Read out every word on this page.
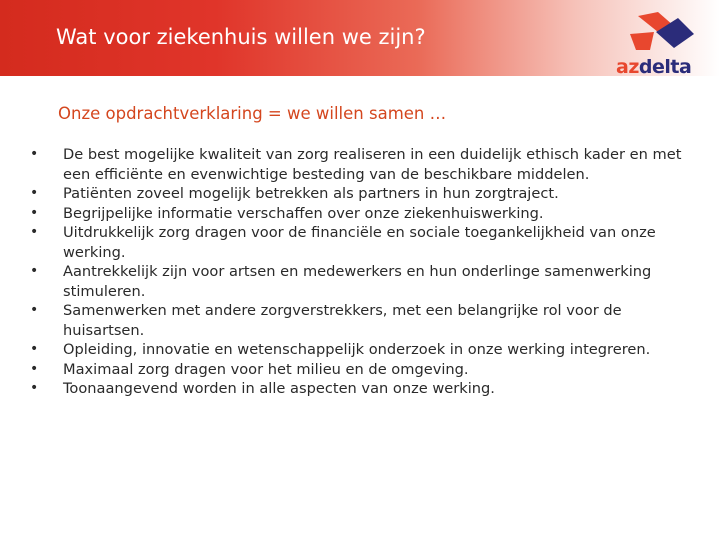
Wat voor ziekenhuis willen we zijn?
azdelta
Onze opdrachtverklaring = we willen samen …
•	De best mogelijke kwaliteit van zorg realiseren in een duidelijk ethisch kader en met een efficiënte en evenwichtige besteding van de beschikbare middelen.
•	Patiënten zoveel mogelijk betrekken als partners in hun zorgtraject.
•	Begrijpelijke informatie verschaffen over onze ziekenhuiswerking.
•	Uitdrukkelijk zorg dragen voor de financiële en sociale toegankelijkheid van onze werking.
•	Aantrekkelijk zijn voor artsen en medewerkers en hun onderlinge samenwerking stimuleren.
•	Samenwerken met andere zorgverstrekkers, met een belangrijke rol voor de huisartsen.
•	Opleiding, innovatie en wetenschappelijk onderzoek in onze werking integreren.
•	Maximaal zorg dragen voor het milieu en de omgeving.
•	Toonaangevend worden in alle aspecten van onze werking.
